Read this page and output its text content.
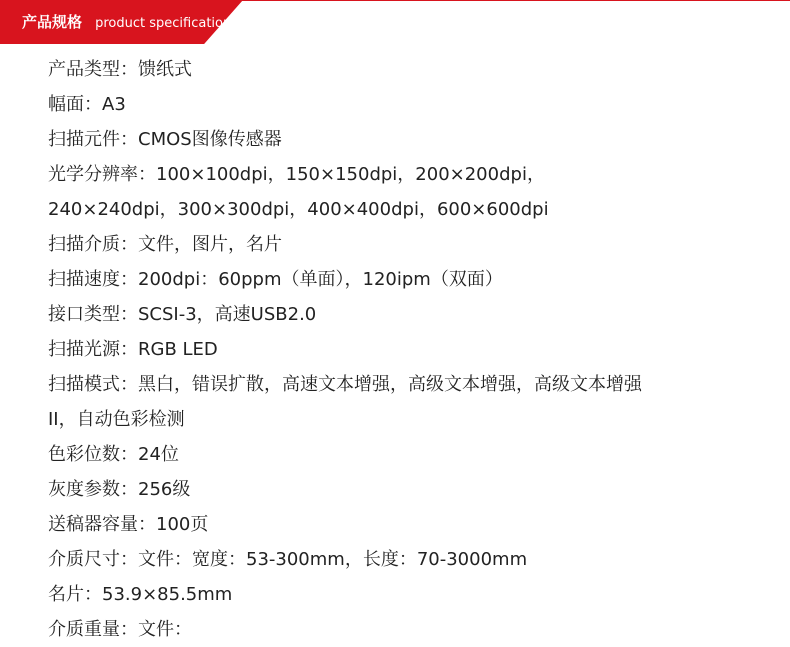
产品规格 product specifications
产品类型：馈纸式
幅面：A3
扫描元件：CMOS图像传感器
光学分辨率：100×100dpi，150×150dpi，200×200dpi，
240×240dpi，300×300dpi，400×400dpi，600×600dpi
扫描介质：文件，图片，名片
扫描速度：200dpi：60ppm（单面），120ipm（双面）
接口类型：SCSI-3，高速USB2.0
扫描光源：RGB LED
扫描模式：黑白，错误扩散，高速文本增强，高级文本增强，高级文本增强
II，自动色彩检测
色彩位数：24位
灰度参数：256级
送稿器容量：100页
介质尺寸：文件：宽度：53-300mm，长度：70-3000mm
名片：53.9×85.5mm
介质重量：文件：
